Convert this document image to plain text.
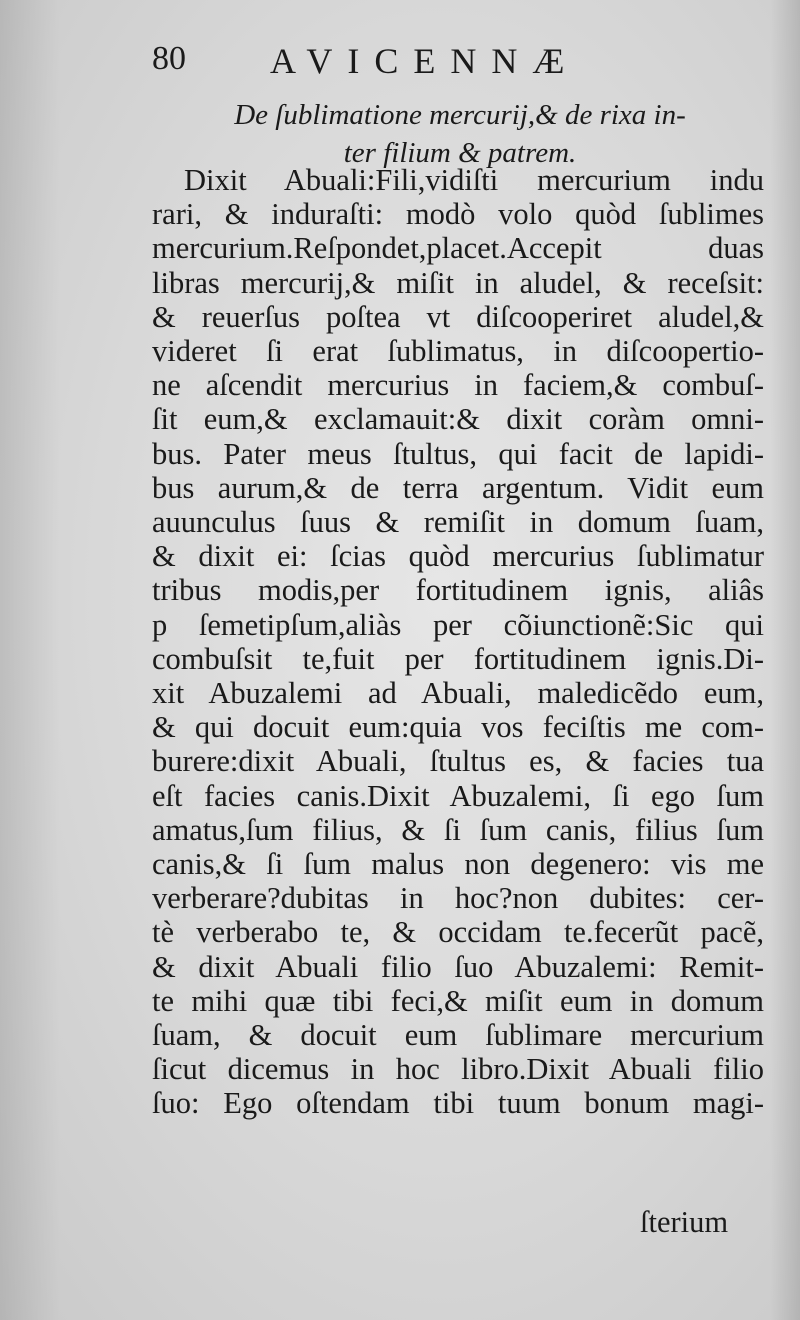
80 AVICENNÆ
De ſublimatione mercurij,& de rixa in-
ter filium & patrem.
Dixit Abuali:Fili,vidiſti mercurium indu
rari, & induraſti: modò volo quòd ſublimes
mercurium.Reſpondet,placet.Accepit duas
libras mercurij,& miſit in aludel, & receſsit:
& reuerſus poſtea vt diſcooperiret aludel,&
videret ſi erat ſublimatus, in diſcoopertio-
ne aſcendit mercurius in faciem,& combuſ-
ſit eum,& exclamauit:& dixit coràm omni-
bus. Pater meus ſtultus, qui facit de lapidi-
bus aurum,& de terra argentum. Vidit eum
auunculus ſuus & remiſit in domum ſuam,
& dixit ei: ſcias quòd mercurius ſublimatur
tribus modis,per fortitudinem ignis, aliâs
p ſemetipſum,aliàs per cõiunctionẽ:Sic qui
combuſsit te,fuit per fortitudinem ignis.Di-
xit Abuzalemi ad Abuali, maledicẽdo eum,
& qui docuit eum:quia vos feciſtis me com-
burere:dixit Abuali, ſtultus es, & facies tua
eſt facies canis.Dixit Abuzalemi, ſi ego ſum
amatus,ſum filius, & ſi ſum canis, filius ſum
canis,& ſi ſum malus non degenero: vis me
verberare?dubitas in hoc?non dubites: cer-
tè verberabo te, & occidam te.fecerũt pacẽ,
& dixit Abuali filio ſuo Abuzalemi: Remit-
te mihi quæ tibi feci,& miſit eum in domum
ſuam, & docuit eum ſublimare mercurium
ſicut dicemus in hoc libro.Dixit Abuali filio
ſuo: Ego oſtendam tibi tuum bonum magi-
ſterium
